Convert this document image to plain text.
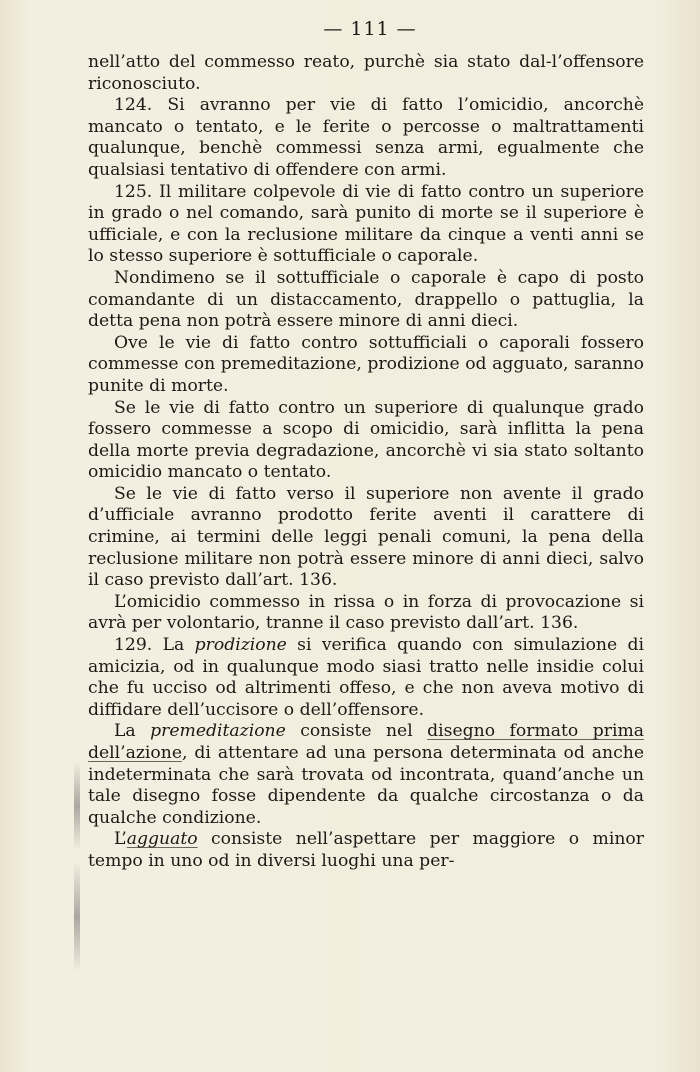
— 111 —

nell’atto del commesso reato, purchè sia stato dal-l’offensore riconosciuto.

124. Si avranno per vie di fatto l’omicidio, ancorchè mancato o tentato, e le ferite o percosse o maltrattamenti qualunque, benchè commessi senza armi, egualmente che qualsiasi tentativo di offendere con armi.

125. Il militare colpevole di vie di fatto contro un superiore in grado o nel comando, sarà punito di morte se il superiore è ufficiale, e con la reclusione militare da cinque a venti anni se lo stesso superiore è sottufficiale o caporale.

Nondimeno se il sottufficiale o caporale è capo di posto comandante di un distaccamento, drappello o pattuglia, la detta pena non potrà essere minore di anni dieci.

Ove le vie di fatto contro sottufficiali o caporali fossero commesse con premeditazione, prodizione od agguato, saranno punite di morte.

Se le vie di fatto contro un superiore di qualunque grado fossero commesse a scopo di omicidio, sarà inflitta la pena della morte previa degradazione, ancorchè vi sia stato soltanto omicidio mancato o tentato.

Se le vie di fatto verso il superiore non avente il grado d’ufficiale avranno prodotto ferite aventi il carattere di crimine, ai termini delle leggi penali comuni, la pena della reclusione militare non potrà essere minore di anni dieci, salvo il caso previsto dall’art. 136.

L’omicidio commesso in rissa o in forza di provocazione si avrà per volontario, tranne il caso previsto dall’art. 136.

129. La prodizione si verifica quando con simulazione di amicizia, od in qualunque modo siasi tratto nelle insidie colui che fu ucciso od altrimenti offeso, e che non aveva motivo di diffidare dell’uccisore o dell’offensore.

La premeditazione consiste nel disegno formato prima dell’azione, di attentare ad una persona determinata od anche indeterminata che sarà trovata od incontrata, quand’anche un tale disegno fosse dipendente da qualche circostanza o da qualche condizione.

L’agguato consiste nell’aspettare per maggiore o minor tempo in uno od in diversi luoghi una per-
